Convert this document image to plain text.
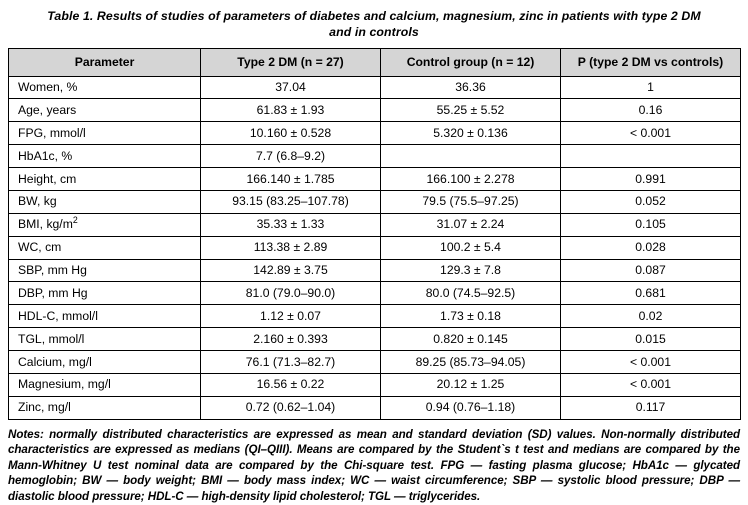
Table 1. Results of studies of parameters of diabetes and calcium, magnesium, zinc in patients with type 2 DM and in controls
Parameter	Type 2 DM (n = 27)	Control group (n = 12)	P (type 2 DM vs controls)
Women, %	37.04	36.36	1
Age, years	61.83 ± 1.93	55.25 ± 5.52	0.16
FPG, mmol/l	10.160 ± 0.528	5.320 ± 0.136	< 0.001
HbA1c, %	7.7 (6.8–9.2)		
Height, cm	166.140 ± 1.785	166.100 ± 2.278	0.991
BW, kg	93.15 (83.25–107.78)	79.5 (75.5–97.25)	0.052
BMI, $kg/m^2$	35.33 ± 1.33	31.07 ± 2.24	0.105
WC, cm	113.38 ± 2.89	100.2 ± 5.4	0.028
SBP, mm Hg	142.89 ± 3.75	129.3 ± 7.8	0.087
DBP, mm Hg	81.0 (79.0–90.0)	80.0 (74.5–92.5)	0.681
HDL-C, mmol/l	1.12 ± 0.07	1.73 ± 0.18	0.02
TGL, mmol/l	2.160 ± 0.393	0.820 ± 0.145	0.015
Calcium, mg/l	76.1 (71.3–82.7)	89.25 (85.73–94.05)	< 0.001
Magnesium, mg/l	16.56 ± 0.22	20.12 ± 1.25	< 0.001
Zinc, mg/l	0.72 (0.62–1.04)	0.94 (0.76–1.18)	0.117
Notes: normally distributed characteristics are expressed as mean and standard deviation (SD) values. Non-normally distributed characteristics are expressed as medians (QI–QIII). Means are compared by the Student`s t test and medians are compared by the Mann-Whitney U test nominal data are compared by the Chi-square test. FPG — fasting plasma glucose; HbA1c — glycated hemoglobin; BW — body weight; BMI — body mass index; WC — waist circumference; SBP — systolic blood pressure; DBP — diastolic blood pressure; HDL-C — high-density lipid cholesterol; TGL — triglycerides.
